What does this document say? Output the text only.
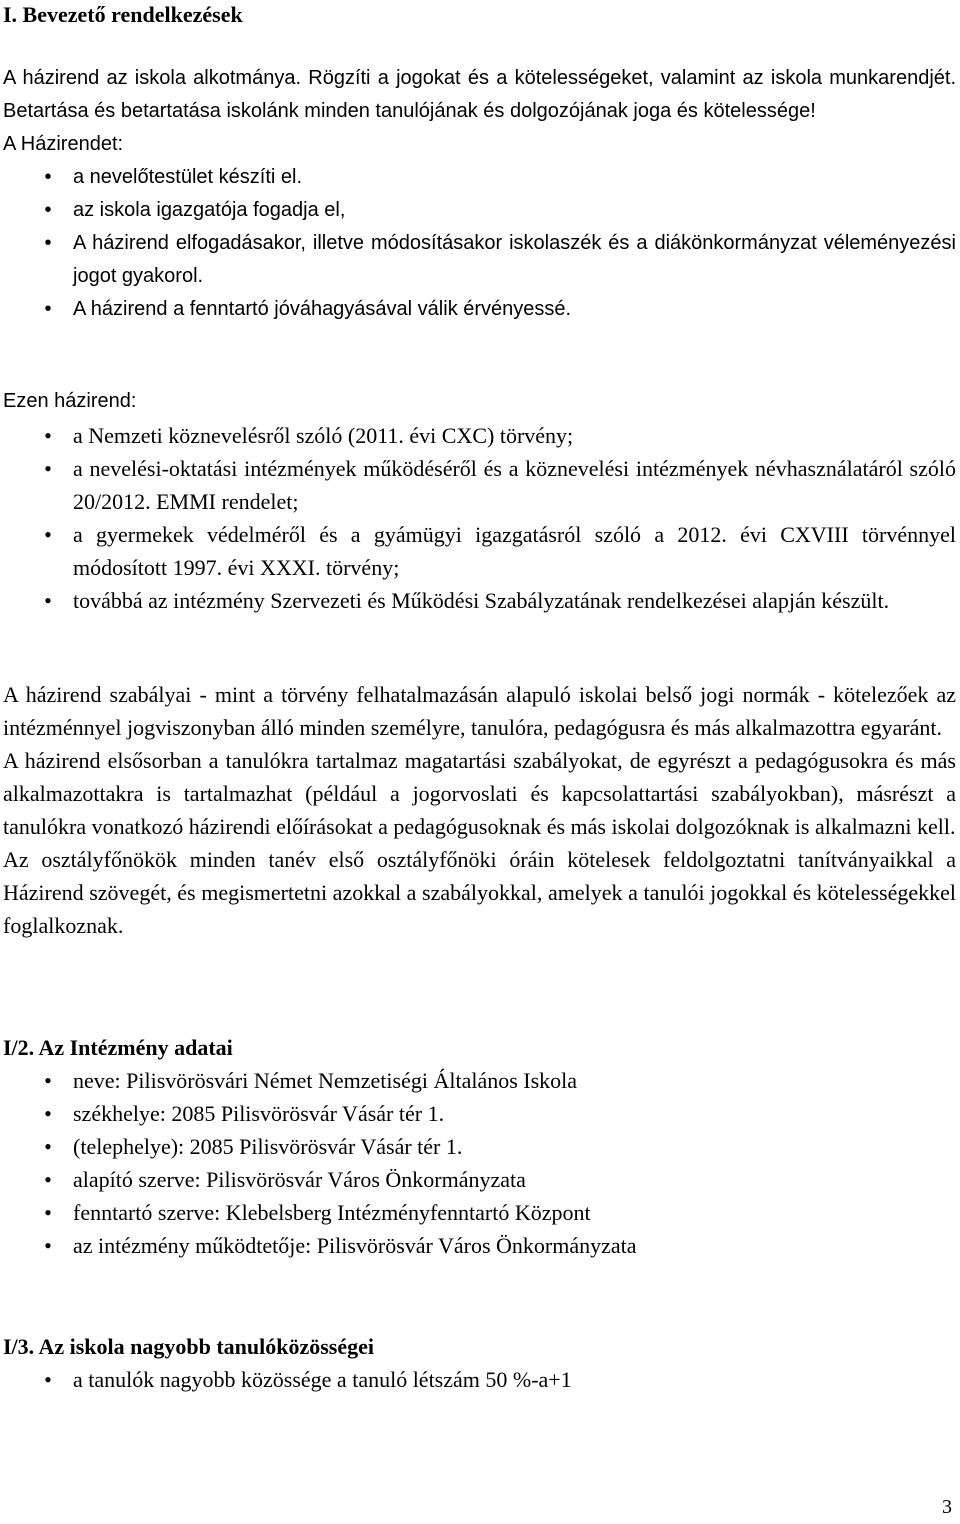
I. Bevezető rendelkezések

A házirend az iskola alkotmánya. Rögzíti a jogokat és a kötelességeket, valamint az iskola munkarendjét. Betartása és betartatása iskolánk minden tanulójának és dolgozójának joga és kötelessége!

A Házirendet:

• a nevelőtestület készíti el.
• az iskola igazgatója fogadja el,
• A házirend elfogadásakor, illetve módosításakor iskolaszék és a diákönkormányzat véleményezési jogot gyakorol.
• A házirend a fenntartó jóváhagyásával válik érvényessé.

Ezen házirend:

• a Nemzeti köznevelésről szóló (2011. évi CXC) törvény;
• a nevelési-oktatási intézmények működéséről és a köznevelési intézmények névhasználatáról szóló 20/2012. EMMI rendelet;
• a gyermekek védelméről és a gyámügyi igazgatásról szóló a 2012. évi CXVIII törvénnyel módosított 1997. évi XXXI. törvény;
• továbbá az intézmény Szervezeti és Működési Szabályzatának rendelkezései alapján készült.

A házirend szabályai - mint a törvény felhatalmazásán alapuló iskolai belső jogi normák - kötelezőek az intézménnyel jogviszonyban álló minden személyre, tanulóra, pedagógusra és más alkalmazottra egyaránt.

A házirend elsősorban a tanulókra tartalmaz magatartási szabályokat, de egyrészt a pedagógusokra és más alkalmazottakra is tartalmazhat (például a jogorvoslati és kapcsolattartási szabályokban), másrészt a tanulókra vonatkozó házirendi előírásokat a pedagógusoknak és más iskolai dolgozóknak is alkalmazni kell.

Az osztályfőnökök minden tanév első osztályfőnöki óráin kötelesek feldolgoztatni tanítványaikkal a Házirend szövegét, és megismertetni azokkal a szabályokkal, amelyek a tanulói jogokkal és kötelességekkel foglalkoznak.

I/2. Az Intézmény adatai
• neve: Pilisvörösvári Német Nemzetiségi Általános Iskola
• székhelye: 2085 Pilisvörösvár Vásár tér 1.
• (telephelye): 2085 Pilisvörösvár Vásár tér 1.
• alapító szerve: Pilisvörösvár Város Önkormányzata
• fenntartó szerve: Klebelsberg Intézményfenntartó Központ
• az intézmény működtetője: Pilisvörösvár Város Önkormányzata
I/3. Az iskola nagyobb tanulóközösségei
• a tanulók nagyobb közössége a tanuló létszám 50 %-a+1
3
